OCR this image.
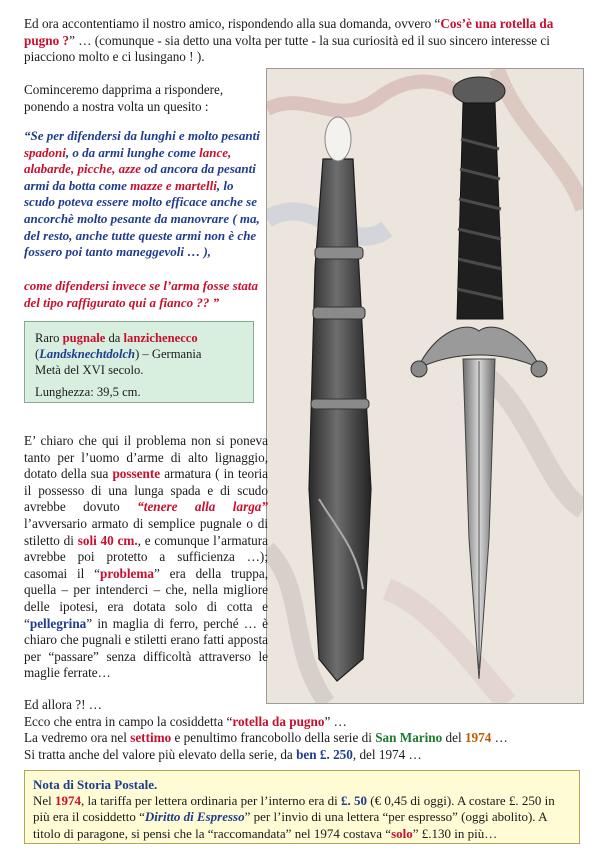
Ed ora accontentiamo il nostro amico, rispondendo alla sua domanda, ovvero “Cos’è una rotella da pugno ?” … (comunque - sia detto una volta per tutte - la sua curiosità ed il suo sincero interesse ci piacciono molto e ci lusingano ! ).

Cominceremo dapprima a rispondere, ponendo a nostra volta un quesito :

“Se per difendersi da lunghi e molto pesanti spadoni, o da armi lunghe come lance, alabarde, picche, azze od ancora da pesanti armi da botta come mazze e martelli, lo scudo poteva essere molto efficace anche se ancorchè molto pesante da manovrare ( ma, del resto, anche tutte queste armi non è che fossero poi tanto maneggevoli … ),

come difendersi invece se l’arma fosse stata del tipo raffigurato qui a fianco ?? ”

Raro pugnale da lanzichenecco
(Landsknechtdolch) – Germania
Metà del XVI secolo.
Lunghezza: 39,5 cm.

E’ chiaro che qui il problema non si poneva tanto per l’uomo d’arme di alto lignaggio, dotato della sua possente armatura ( in teoria il possesso di una lunga spada e di scudo avrebbe dovuto “tenere alla larga” l’avversario armato di semplice pugnale o di stiletto di soli 40 cm., e comunque l’armatura avrebbe poi protetto a sufficienza …); casomai il “problema” era della truppa, quella – per intenderci – che, nella migliore delle ipotesi, era dotata solo di cotta e “pellegrina” in maglia di ferro, perché … è chiaro che pugnali e stiletti erano fatti apposta per “passare” senza difficoltà attraverso le maglie ferrate…

Ed allora ?! …
Ecco che entra in campo la cosiddetta “rotella da pugno” …
La vedremo ora nel settimo e penultimo francobollo della serie di San Marino del 1974 …
Si tratta anche del valore più elevato della serie, da ben £. 250, del 1974 …
Nota di Storia Postale.
Nel 1974, la tariffa per lettera ordinaria per l’interno era di £. 50 (€ 0,45 di oggi). A costare £. 250 in più era il cosiddetto “Diritto di Espresso” per l’invio di una lettera “per espresso” (oggi abolito). A titolo di paragone, si pensi che la “raccomandata” nel 1974 costava “solo” £.130 in più…
